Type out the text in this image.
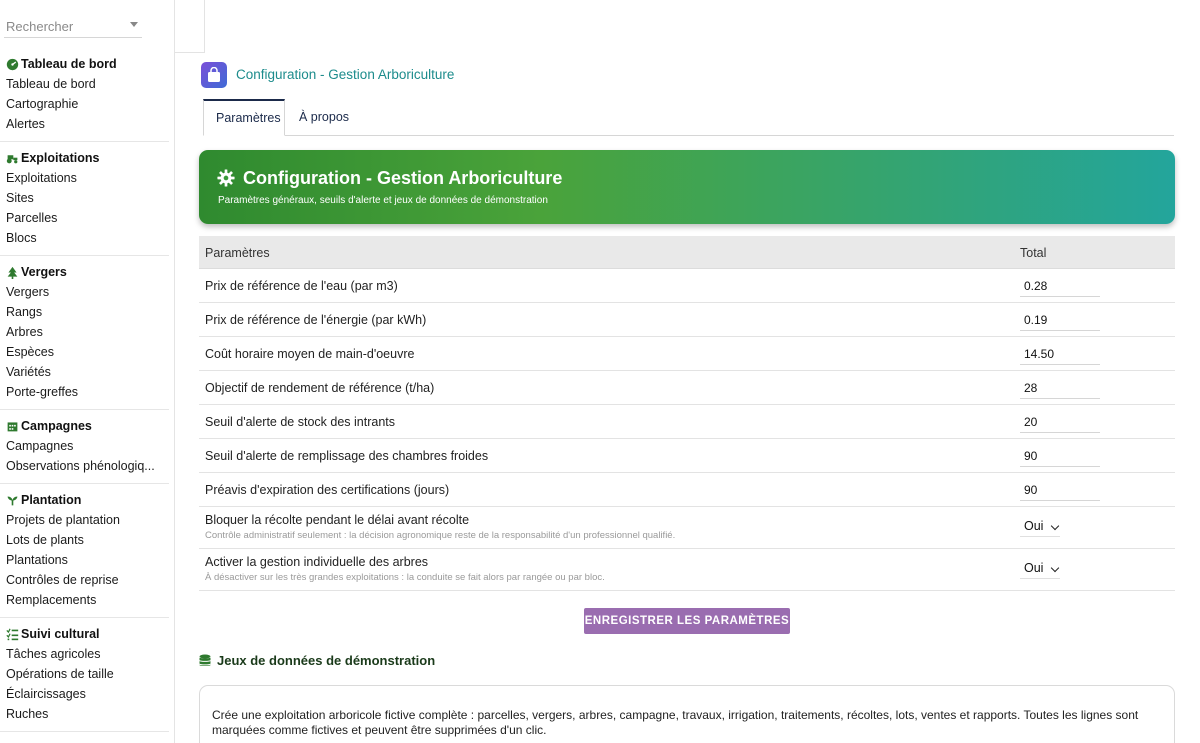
Rechercher
Tableau de bord
Tableau de bord
Cartographie
Alertes
Exploitations
Exploitations
Sites
Parcelles
Blocs
Vergers
Vergers
Rangs
Arbres
Espèces
Variétés
Porte-greffes
Campagnes
Campagnes
Observations phénologiq...
Plantation
Projets de plantation
Lots de plants
Plantations
Contrôles de reprise
Remplacements
Suivi cultural
Tâches agricoles
Opérations de taille
Éclaircissages
Ruches
Configuration - Gestion Arboriculture
Paramètres	À propos
Configuration - Gestion Arboriculture
Paramètres généraux, seuils d'alerte et jeux de données de démonstration
Paramètres	Total
Prix de référence de l'eau (par m3)
0.28
Prix de référence de l'énergie (par kWh)
0.19
Coût horaire moyen de main-d'oeuvre
14.50
Objectif de rendement de référence (t/ha)
28
Seuil d'alerte de stock des intrants
20
Seuil d'alerte de remplissage des chambres froides
90
Préavis d'expiration des certifications (jours)
90
Bloquer la récolte pendant le délai avant récolte
Contrôle administratif seulement : la décision agronomique reste de la responsabilité d'un professionnel qualifié.
Oui
Activer la gestion individuelle des arbres
À désactiver sur les très grandes exploitations : la conduite se fait alors par rangée ou par bloc.
Oui
ENREGISTRER LES PARAMÈTRES
Jeux de données de démonstration
Crée une exploitation arboricole fictive complète : parcelles, vergers, arbres, campagne, travaux, irrigation, traitements, récoltes, lots, ventes et rapports. Toutes les lignes sont marquées comme fictives et peuvent être supprimées d'un clic.
